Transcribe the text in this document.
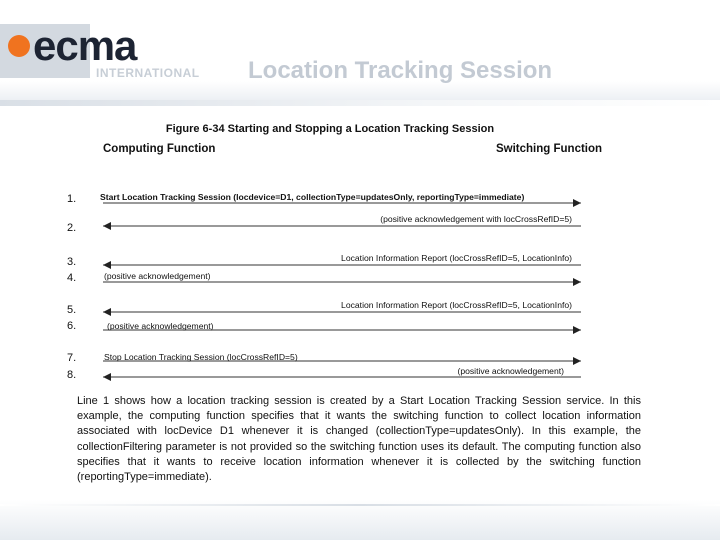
ecma
INTERNATIONAL Location Tracking Session
Figure 6-34 Starting and Stopping a Location Tracking Session
Computing Function	Switching Function
1.	Start Location Tracking Session (locdevice=D1, collectionType=updatesOnly, reportingType=immediate)
2.
(positive acknowledgement with locCrossRefID=5)
3.	Location Information Report (locCrossRefID=5, LocationInfo)
4.	(positive acknowledgement)
5.	Location Information Report (locCrossRefID=5, LocationInfo)
6.	(positive acknowledgement)
7.	Stop Location Tracking Session (locCrossRefID=5)
8.	(positive acknowledgement)
Line 1 shows how a location tracking session is created by a Start Location Tracking Session service. In this example, the computing function specifies that it wants the switching function to collect location information associated with locDevice D1 whenever it is changed (collectionType=updatesOnly). In this example, the collectionFiltering parameter is not provided so the switching function uses its default. The computing function also specifies that it wants to receive location information whenever it is collected by the switching function (reportingType=immediate).
